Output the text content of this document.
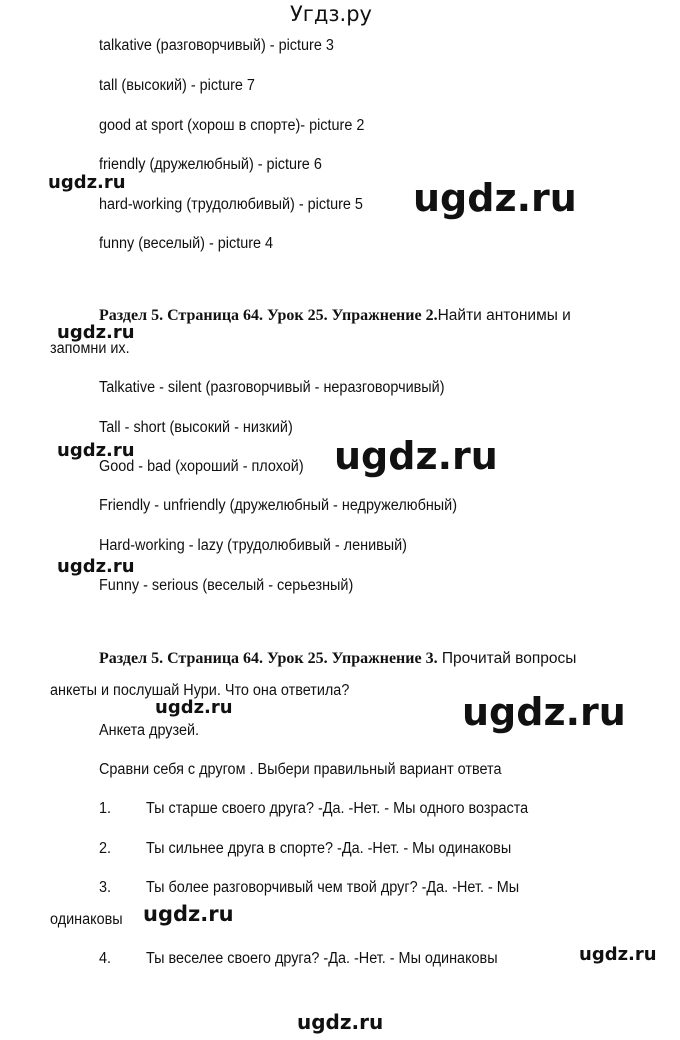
Угдз.ру
talkative (разговорчивый) - picture 3
tall (высокий) - picture 7
good at sport (хорош в спорте)- picture 2
friendly (дружелюбный) - picture 6
hard-working (трудолюбивый) - picture 5
funny (веселый) - picture 4
Раздел 5. Страница 64. Урок 25. Упражнение 2.Найти антонимы и
запомни их.
Talkative - silent (разговорчивый - неразговорчивый)
Tall - short (высокий - низкий)
Good - bad (хороший - плохой)
Friendly - unfriendly (дружелюбный - недружелюбный)
Hard-working - lazy (трудолюбивый - ленивый)
Funny - serious (веселый - серьезный)
Раздел 5. Страница 64. Урок 25. Упражнение 3. Прочитай вопросы
анкеты и послушай Нури. Что она ответила?
Анкета друзей.
Сравни себя с другом . Выбери правильный вариант ответа
1. Ты старше своего друга? -Да. -Нет. - Мы одного возраста
2. Ты сильнее друга в спорте? -Да. -Нет. - Мы одинаковы
3. Ты более разговорчивый чем твой друг? -Да. -Нет. - Мы
одинаковы
4. Ты веселее своего друга? -Да. -Нет. - Мы одинаковы
ugdz.ru	ugdz.ru
ugdz.ru
ugdz.ru	ugdz.ru
ugdz.ru
ugdz.ru	ugdz.ru
ugdz.ru
ugdz.ru
ugdz.ru
